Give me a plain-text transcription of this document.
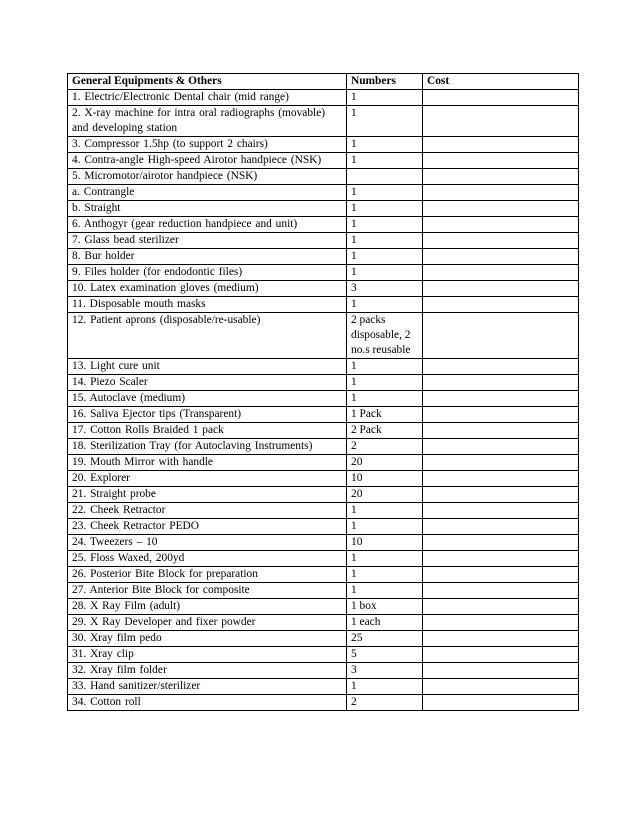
General Equipments & Others	Numbers	Cost
1. Electric/Electronic Dental chair (mid range)	1	
2. X-ray machine for intra oral radiographs (movable) and developing station	1	
3. Compressor 1.5hp (to support 2 chairs)	1	
4. Contra-angle High-speed Airotor handpiece (NSK)	1	
5. Micromotor/airotor handpiece (NSK)		
a. Contrangle	1	
b. Straight	1	
6. Anthogyr (gear reduction handpiece and unit)	1	
7. Glass bead sterilizer	1	
8. Bur holder	1	
9. Files holder (for endodontic files)	1	
10. Latex examination gloves (medium)	3	
11. Disposable mouth masks	1	
12. Patient aprons (disposable/re-usable)	2 packs disposable, 2 no.s reusable	
13. Light cure unit	1	
14. Piezo Scaler	1	
15. Autoclave (medium)	1	
16. Saliva Ejector tips (Transparent)	1 Pack	
17. Cotton Rolls Braided 1 pack	2 Pack	
18. Sterilization Tray (for Autoclaving Instruments)	2	
19. Mouth Mirror with handle	20	
20. Explorer	10	
21. Straight probe	20	
22. Cheek Retractor	1	
23. Cheek Retractor PEDO	1	
24. Tweezers – 10	10	
25. Floss Waxed, 200yd	1	
26. Posterior Bite Block for preparation	1	
27. Anterior Bite Block for composite	1	
28. X Ray Film (adult)	1 box	
29. X Ray Developer and fixer powder	1 each	
30. Xray film pedo	25	
31. Xray clip	5	
32. Xray film folder	3	
33. Hand sanitizer/sterilizer	1	
34. Cotton roll	2	
